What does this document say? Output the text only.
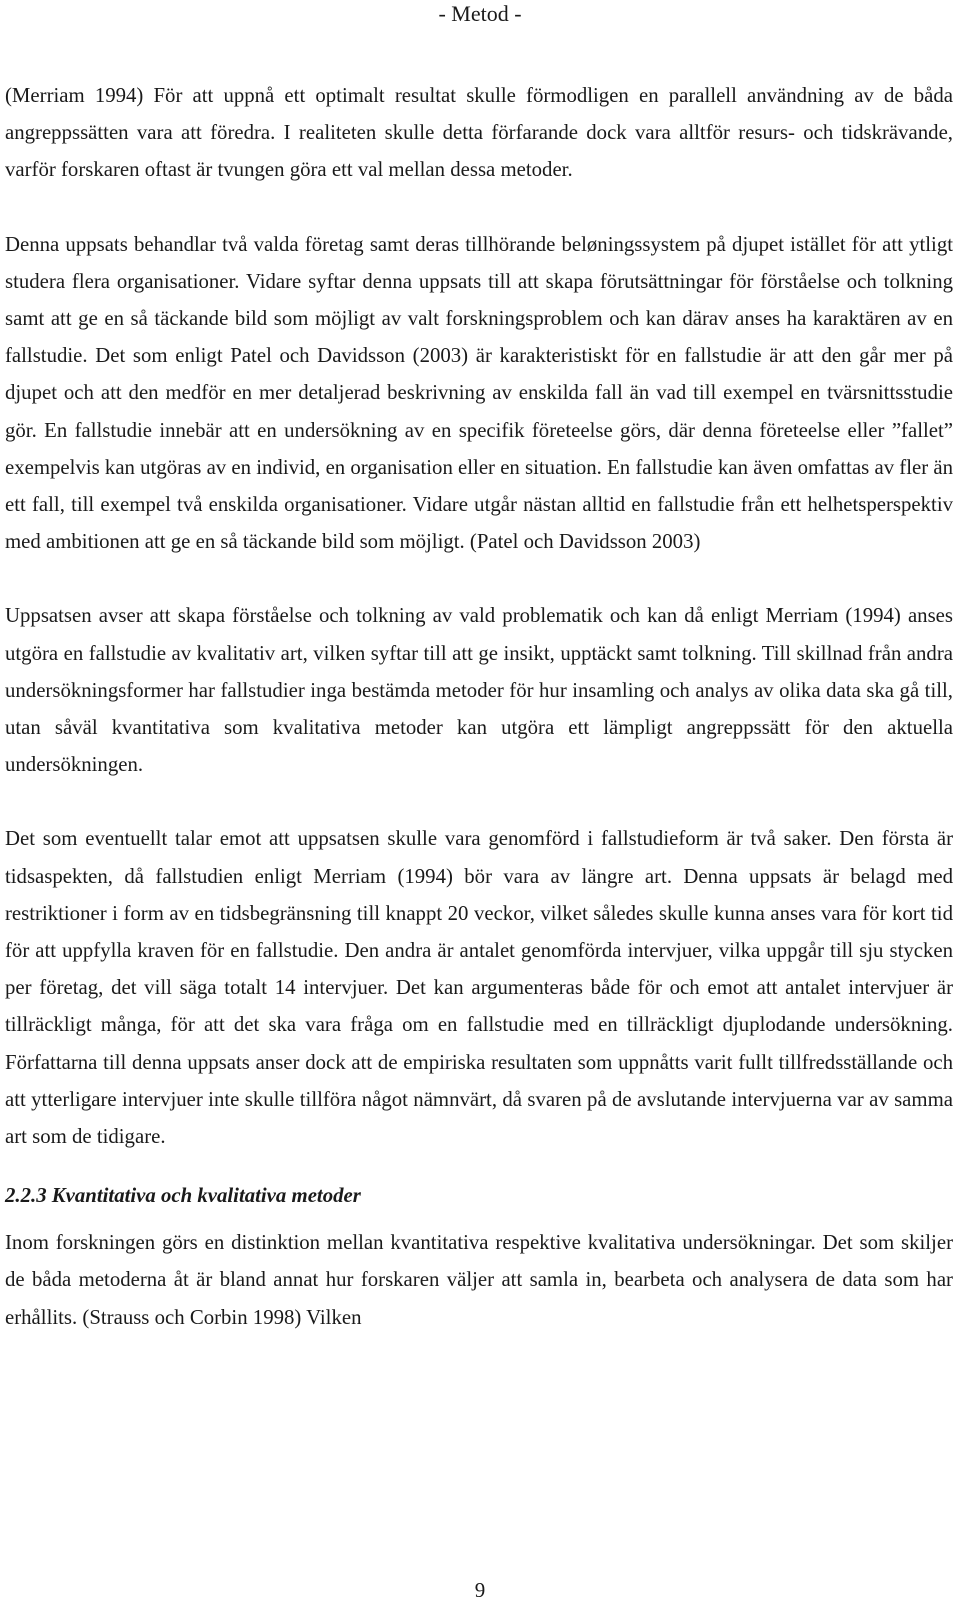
- Metod -

(Merriam 1994) För att uppnå ett optimalt resultat skulle förmodligen en parallell användning av de båda angreppssätten vara att föredra. I realiteten skulle detta förfarande dock vara alltför resurs- och tidskrävande, varför forskaren oftast är tvungen göra ett val mellan dessa metoder.

Denna uppsats behandlar två valda företag samt deras tillhörande beløningssystem på djupet istället för att ytligt studera flera organisationer. Vidare syftar denna uppsats till att skapa förutsättningar för förståelse och tolkning samt att ge en så täckande bild som möjligt av valt forskningsproblem och kan därav anses ha karaktären av en fallstudie. Det som enligt Patel och Davidsson (2003) är karakteristiskt för en fallstudie är att den går mer på djupet och att den medför en mer detaljerad beskrivning av enskilda fall än vad till exempel en tvärsnittsstudie gör. En fallstudie innebär att en undersökning av en specifik företeelse görs, där denna företeelse eller ”fallet” exempelvis kan utgöras av en individ, en organisation eller en situation. En fallstudie kan även omfattas av fler än ett fall, till exempel två enskilda organisationer. Vidare utgår nästan alltid en fallstudie från ett helhetsperspektiv med ambitionen att ge en så täckande bild som möjligt. (Patel och Davidsson 2003)

Uppsatsen avser att skapa förståelse och tolkning av vald problematik och kan då enligt Merriam (1994) anses utgöra en fallstudie av kvalitativ art, vilken syftar till att ge insikt, upptäckt samt tolkning. Till skillnad från andra undersökningsformer har fallstudier inga bestämda metoder för hur insamling och analys av olika data ska gå till, utan såväl kvantitativa som kvalitativa metoder kan utgöra ett lämpligt angreppssätt för den aktuella undersökningen.

Det som eventuellt talar emot att uppsatsen skulle vara genomförd i fallstudieform är två saker. Den första är tidsaspekten, då fallstudien enligt Merriam (1994) bör vara av längre art. Denna uppsats är belagd med restriktioner i form av en tidsbegränsning till knappt 20 veckor, vilket således skulle kunna anses vara för kort tid för att uppfylla kraven för en fallstudie. Den andra är antalet genomförda intervjuer, vilka uppgår till sju stycken per företag, det vill säga totalt 14 intervjuer. Det kan argumenteras både för och emot att antalet intervjuer är tillräckligt många, för att det ska vara fråga om en fallstudie med en tillräckligt djuplodande undersökning. Författarna till denna uppsats anser dock att de empiriska resultaten som uppnåtts varit fullt tillfredsställande och att ytterligare intervjuer inte skulle tillföra något nämnvärt, då svaren på de avslutande intervjuerna var av samma art som de tidigare.

2.2.3 Kvantitativa och kvalitativa metoder

Inom forskningen görs en distinktion mellan kvantitativa respektive kvalitativa undersökningar. Det som skiljer de båda metoderna åt är bland annat hur forskaren väljer att samla in, bearbeta och analysera de data som har erhållits. (Strauss och Corbin 1998) Vilken

9
